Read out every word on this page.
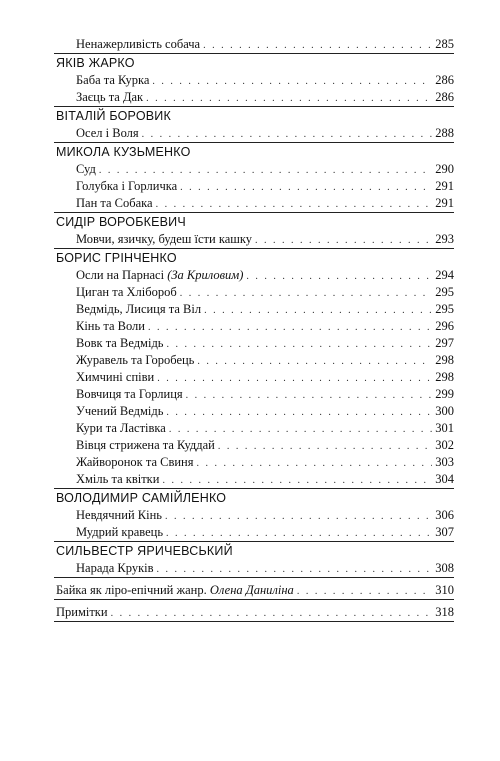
Ненажерливість собача . . .	285
ЯКІВ ЖАРКО
Баба та Курка . . .	286
Заєць та Дак . . .	286
ВІТАЛІЙ БОРОВИК
Осел і Воля . . .	288
МИКОЛА КУЗЬМЕНКО
Суд . . .	290
Голубка і Горличка . . .	291
Пан та Собака . . .	291
СИДІР ВОРОБКЕВИЧ
Мовчи, язичку, будеш їсти кашку . . .	293
БОРИС ГРІНЧЕНКО
Осли на Парнасі (За Криловим) . . .	294
Циган та Хлібороб . . .	295
Ведмідь, Лисиця та Віл . . .	295
Кінь та Воли . . .	296
Вовк та Ведмідь . . .	297
Журавель та Горобець . . .	298
Химчині співи . . .	298
Вовчиця та Горлиця . . .	299
Учений Ведмідь . . .	300
Кури та Ластівка . . .	301
Вівця стрижена та Куддай . . .	302
Жайворонок та Свиня . . .	303
Хміль та квітки . . .	304
ВОЛОДИМИР САМІЙЛЕНКО
Невдячний Кінь . . .	306
Мудрий кравець . . .	307
СИЛЬВЕСТР ЯРИЧЕВСЬКИЙ
Нарада Круків . . .	308
Байка як ліро-епічний жанр. Олена Даниліна . . .	310
Примітки . . .	318
